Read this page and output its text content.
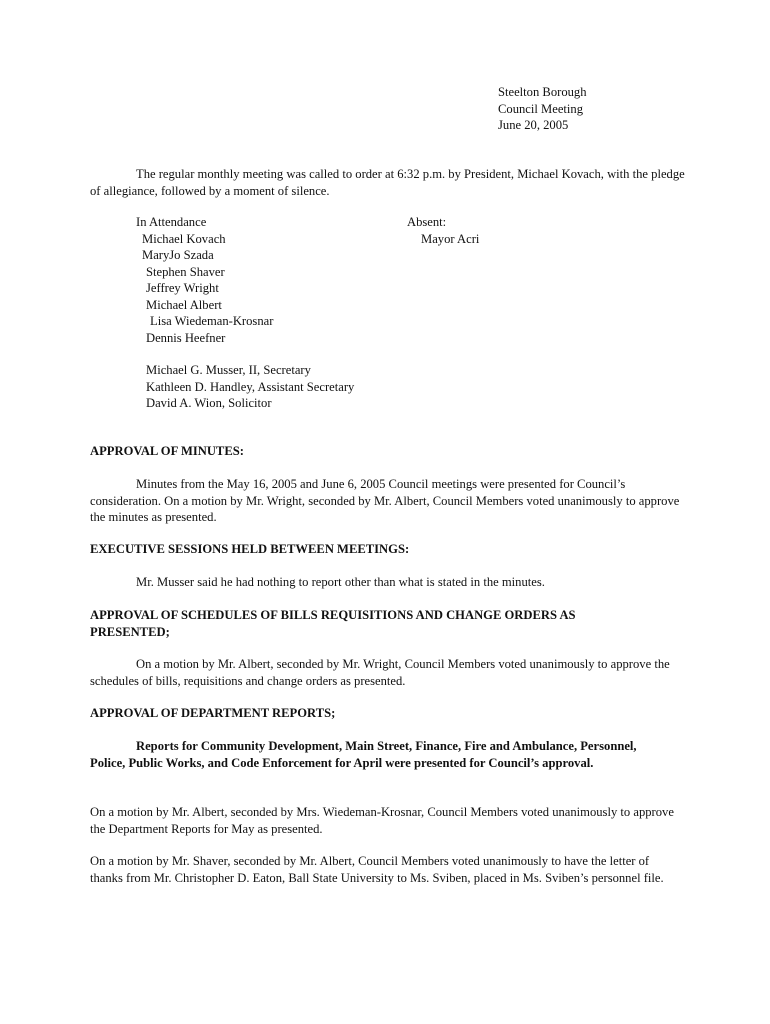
Steelton Borough
Council Meeting
June 20, 2005

The regular monthly meeting was called to order at 6:32 p.m. by President, Michael Kovach, with the pledge of allegiance, followed by a moment of silence.

In Attendance
Michael Kovach
MaryJo Szada
Stephen Shaver
Jeffrey Wright
Michael Albert
Lisa Wiedeman-Krosnar
Dennis Heefner
Absent:
Mayor Acri
Michael G. Musser, II, Secretary
Kathleen D. Handley, Assistant Secretary
David A. Wion, Solicitor

APPROVAL OF MINUTES:

Minutes from the May 16, 2005 and June 6, 2005 Council meetings were presented for Council’s consideration. On a motion by Mr. Wright, seconded by Mr. Albert, Council Members voted unanimously to approve the minutes as presented.

EXECUTIVE SESSIONS HELD BETWEEN MEETINGS:

Mr. Musser said he had nothing to report other than what is stated in the minutes.

APPROVAL OF SCHEDULES OF BILLS REQUISITIONS AND CHANGE ORDERS AS PRESENTED;

On a motion by Mr. Albert, seconded by Mr. Wright, Council Members voted unanimously to approve the schedules of bills, requisitions and change orders as presented.

APPROVAL OF DEPARTMENT REPORTS;

Reports for Community Development, Main Street, Finance, Fire and Ambulance, Personnel, Police, Public Works, and Code Enforcement for April were presented for Council’s approval.

On a motion by Mr. Albert, seconded by Mrs. Wiedeman-Krosnar, Council Members voted unanimously to approve the Department Reports for May as presented.

On a motion by Mr. Shaver, seconded by Mr. Albert, Council Members voted unanimously to have the letter of thanks from Mr. Christopher D. Eaton, Ball State University to Ms. Sviben, placed in Ms. Sviben’s personnel file.
